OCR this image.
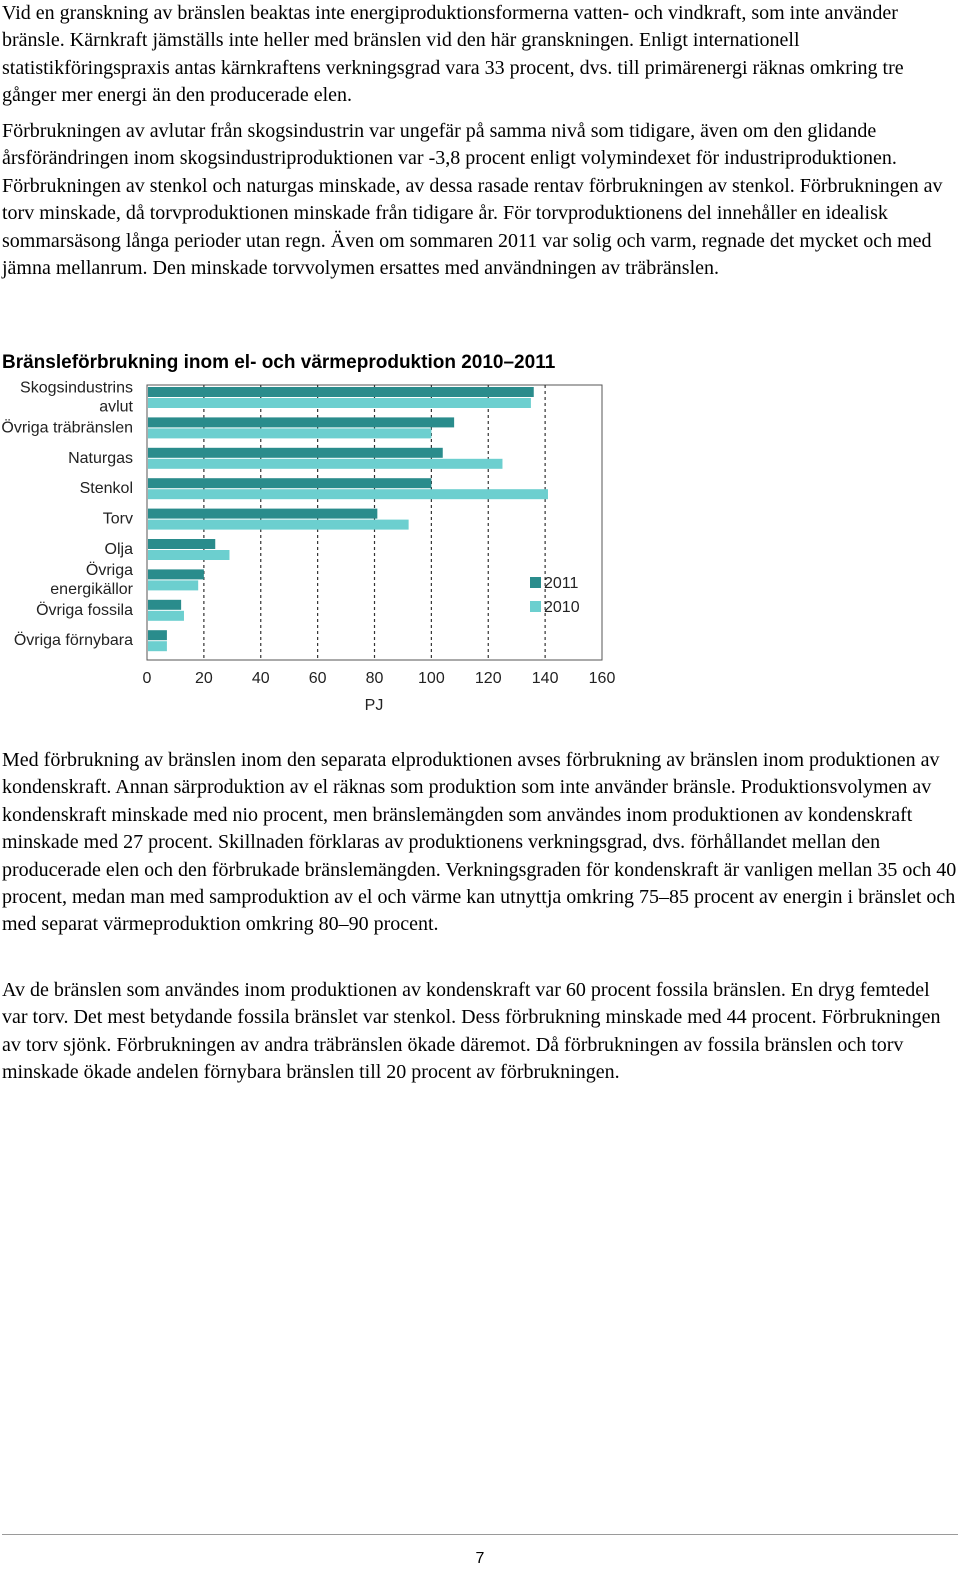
Vid en granskning av bränslen beaktas inte energiproduktionsformerna vatten- och vindkraft, som inte använder bränsle. Kärnkraft jämställs inte heller med bränslen vid den här granskningen. Enligt internationell statistikföringspraxis antas kärnkraftens verkningsgrad vara 33 procent, dvs. till primärenergi räknas omkring tre gånger mer energi än den producerade elen.

Förbrukningen av avlutar från skogsindustrin var ungefär på samma nivå som tidigare, även om den glidande årsförändringen inom skogsindustriproduktionen var -3,8 procent enligt volymindexet för industriproduktionen. Förbrukningen av stenkol och naturgas minskade, av dessa rasade rentav förbrukningen av stenkol. Förbrukningen av torv minskade, då torvproduktionen minskade från tidigare år. För torvproduktionens del innehåller en idealisk sommarsäsong långa perioder utan regn. Även om sommaren 2011 var solig och varm, regnade det mycket och med jämna mellanrum. Den minskade torvvolymen ersattes med användningen av träbränslen.

Bränsleförbrukning inom el- och värmeproduktion 2010–2011
Skogsindustrins
avlut
Övriga träbränslen
Naturgas
Stenkol
Torv
Olja
Övriga
energikällor
Övriga fossila
Övriga förnybara
0	20 40 60 80 100 120 140 160
2011
2010
PJ

Med förbrukning av bränslen inom den separata elproduktionen avses förbrukning av bränslen inom produktionen av kondenskraft. Annan särproduktion av el räknas som produktion som inte använder bränsle. Produktionsvolymen av kondenskraft minskade med nio procent, men bränslemängden som användes inom produktionen av kondenskraft minskade med 27 procent. Skillnaden förklaras av produktionens verkningsgrad, dvs. förhållandet mellan den producerade elen och den förbrukade bränslemängden. Verkningsgraden för kondenskraft är vanligen mellan 35 och 40 procent, medan man med samproduktion av el och värme kan utnyttja omkring 75–85 procent av energin i bränslet och med separat värmeproduktion omkring 80–90 procent.

Av de bränslen som användes inom produktionen av kondenskraft var 60 procent fossila bränslen. En dryg femtedel var torv. Det mest betydande fossila bränslet var stenkol. Dess förbrukning minskade med 44 procent. Förbrukningen av torv sjönk. Förbrukningen av andra träbränslen ökade däremot. Då förbrukningen av fossila bränslen och torv minskade ökade andelen förnybara bränslen till 20 procent av förbrukningen.

7
